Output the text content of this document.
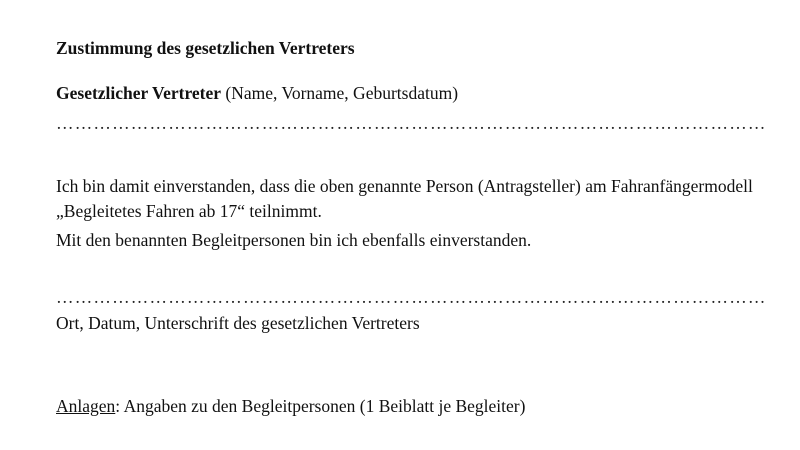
Zustimmung des gesetzlichen Vertreters
Gesetzlicher Vertreter (Name, Vorname, Geburtsdatum)
……………………………………………………………………………………………………
Ich bin damit einverstanden, dass die oben genannte Person (Antragsteller) am Fahranfängermodell
„Begleitetes Fahren ab 17“ teilnimmt.
Mit den benannten Begleitpersonen bin ich ebenfalls einverstanden.
……………………………………………………………………………………………………
Ort, Datum, Unterschrift des gesetzlichen Vertreters
Anlagen: Angaben zu den Begleitpersonen (1 Beiblatt je Begleiter)
